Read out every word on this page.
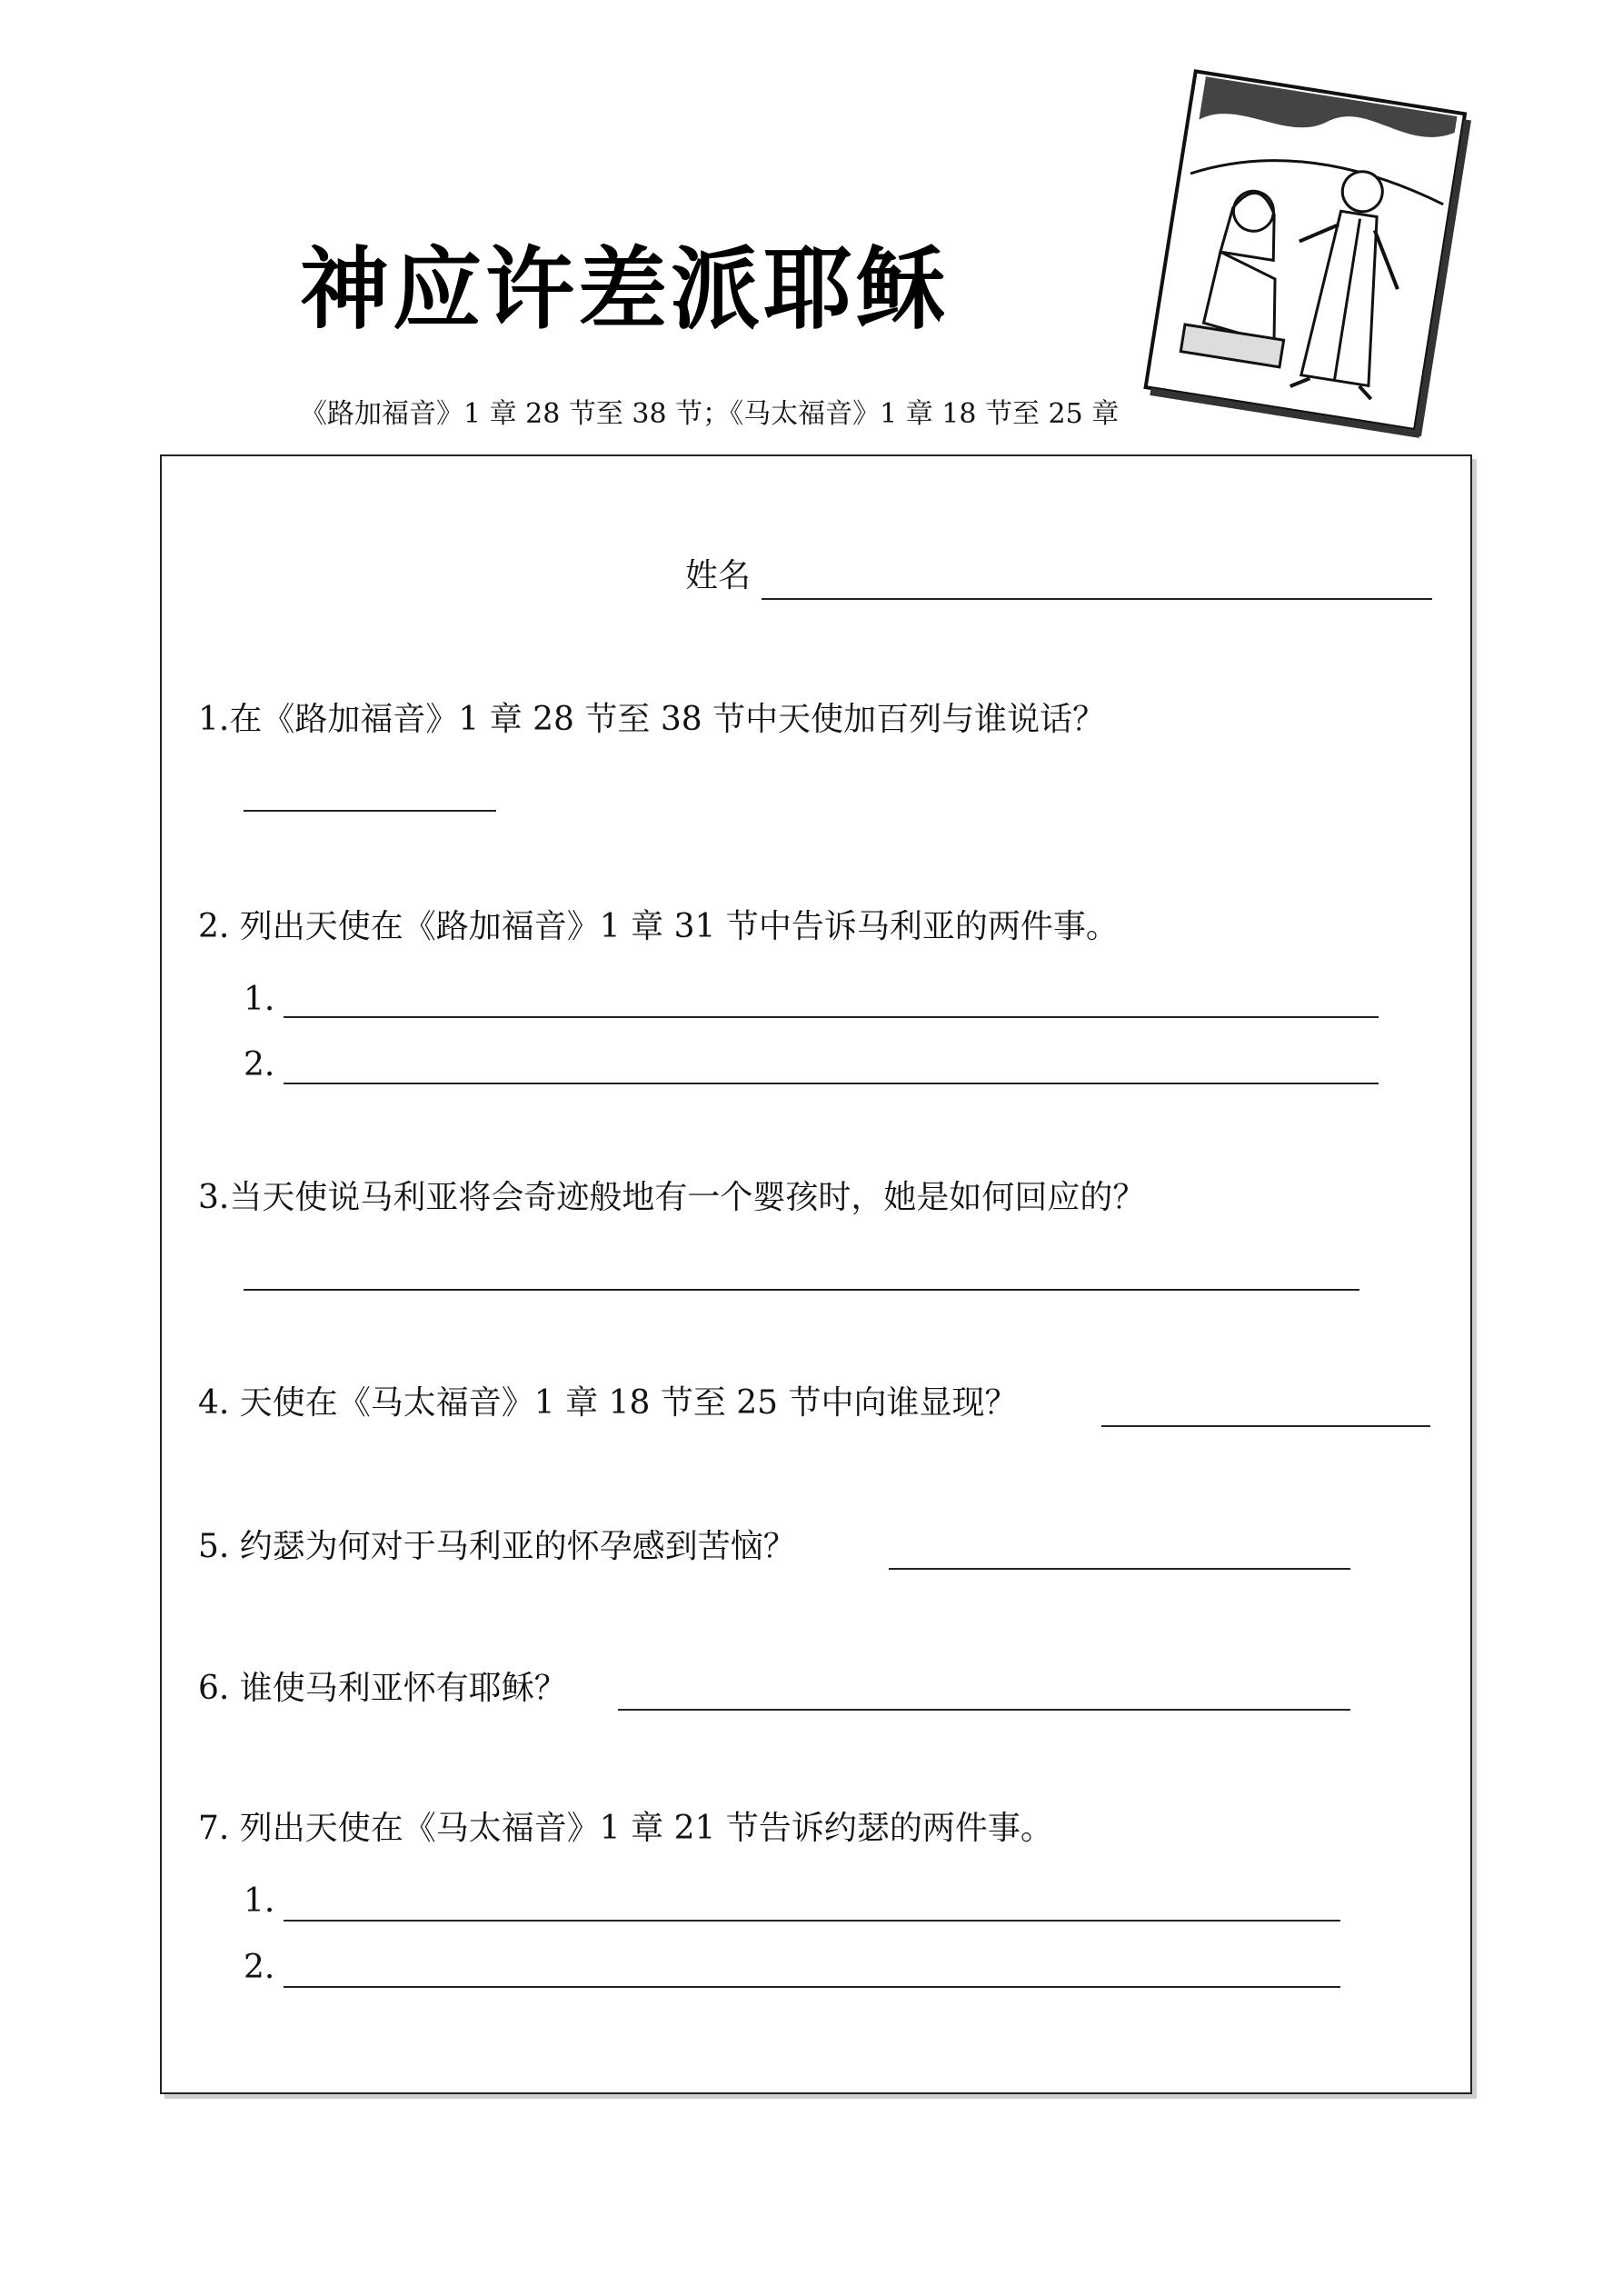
神应许差派耶稣
《路加福音》1 章 28 节至 38 节；《马太福音》1 章 18 节至 25 章
姓名
1.在《路加福音》1 章 28 节至 38 节中天使加百列与谁说话？
2. 列出天使在《路加福音》1 章 31 节中告诉马利亚的两件事。
1.
2.
3.当天使说马利亚将会奇迹般地有一个婴孩时，她是如何回应的？
4. 天使在《马太福音》1 章 18 节至 25 节中向谁显现？
5. 约瑟为何对于马利亚的怀孕感到苦恼？
6. 谁使马利亚怀有耶稣？
7. 列出天使在《马太福音》1 章 21 节告诉约瑟的两件事。
1.
2.
